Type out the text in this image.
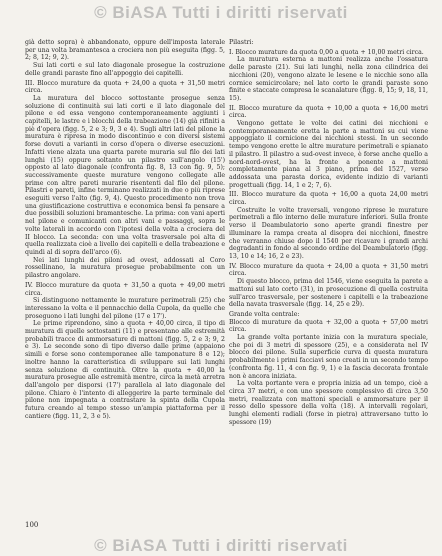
© BiASA Tutti i diritti riservati

già detto sopra) è abbandonato, oppure dell'imposta laterale per una volta bramantesca a crociera non più eseguita (figg. 5, 2; 8, 12; 9, 2).

Sui lati corti e sul lato diagonale prosegue la costruzione delle grandi paraste fino all'appoggio dei capitelli.

III. Blocco murature da quota + 24,00 a quota + 31,50 metri circa.

La muratura del blocco sottostante prosegue senza soluzione di continuità sui lati corti e il lato diagonale del pilone e ed essa vengono contemporaneamente aggiunti i capitelli, le lastre e i blocchi della trabeazione (14) già rifiniti a piè d'opera (figg. 5, 2 e 3; 9, 3 e 4). Sugli altri lati del pilone la muratura è ripresa in modo discontinuo e con diversi sistemi forse dovuti a varianti in corso d'opera o diverse esecuzioni. Infatti viene alzata una quarta parete muraria sul filo dei lati lunghi (15) oppure soltanto un pilastro sull'angolo (15') opposto al lato diagonale (confronta fig. 8, 13 con fig. 9, 5); successivamente queste murature vengono collegate alle prime con altre pareti murarie risententi dal filo del pilone. Pilastri e pareti, infine terminano realizzati in due o più riprese eseguiti verso l'alto (fig. 9, 4). Questo procedimento non trova una giustificazione costruttiva e economica bensì fa pensare a due possibili soluzioni bramantesche. La prima: con vani aperti nel pilone e comunicanti con altri vani e passaggi, sopra le volte laterali in accordo con l'ipotesi della volta a crociera del II blocco. La seconda: con una volta trasversale poi alta di quella realizzata cioè a livello dei capitelli e della trabeazione e quindi al di sopra dell'arco (6).

Nei lati lunghi dei piloni ad ovest, addossati al Coro rossellinano, la muratura prosegue probabilmente con un pilastro angolare.

IV. Blocco murature da quota + 31,50 a quota + 49,00 metri circa.

Si distinguono nettamente le murature perimetrali (25) che interessano la volta e il pennacchio della Cupola, da quelle che proseguono i lati lunghi del pilone (17 e 17').

Le prime riprendono, sino a quota + 40,00 circa, il tipo di muratura di quelle sottostanti (11) e presentano alle estremità probabili tracce di ammorsature di mattoni (figg. 5, 2 e 3; 9, 2 e 3). Le seconde sono di tipo diverso dalle prime (appaiono simili e forse sono contemporanee alle tamponature 8 e 12); inoltre hanno la caratteristica di sviluppare sui lati lunghi senza soluzione di continuità. Oltre la quota + 40,00 la muratura prosegue alle estremità mentre, circa la metà arretra dall'angolo per disporsi (17') parallela al lato diagonale del pilone. Chiaro è l'intento di alleggerire la parte terminale del pilone non impegnata a contrastare la spinta della Cupola futura creando al tempo stesso un'ampia piattaforma per il cantiere (figg. 11, 2, 3 e 5).

Pilastri:

I. Blocco murature da quota 0,00 a quota + 10,00 metri circa.

La muratura esterna a mattoni realizza anche l'ossatura delle paraste (21). Sui lati lunghi, nella zona cilindrica dei nicchioni (20), vengono alzate le lesene e le nicchie sono alla cornice semicircolare; nel lato corto le grandi paraste sono finite e staccate compresa le scanalature (figg. 8, 15; 9, 18, 11, 15).

II. Blocco murature da quota + 10,00 a quota + 16,00 metri circa.

Vengono gettate le volte dei catini dei nicchioni e contemporaneamente eretta la parte a mattoni su cui viene appoggiato il cornicione dei nicchioni stessi. In un secondo tempo vengono erette le altre murature perimetrali e spianato il pilastro. Il pilastro a sud-ovest invece, è forse anche quello a nord-nord-ovest, ha la fronte a ponente a mattoni completamente piana al 3 piano, prima del 1527, verso addossata una parasta dorica, evidente indizio di varianti progettuali (figg. 14, 1 e 2; 7, 6).

III. Blocco murature da quota + 16,00 a quota 24,00 metri circa.

Costruite le volte traversali, vengono riprese le murature perimetrali a filo interno delle murature inferiori. Sulla fronte verso il Deambulatorio sono aperte grandi finestre per illuminare la rampa creata al disopra dei nicchioni, finestre che verranno chiuse dopo il 1540 per ricavare i grandi archi degradanti in fondo al secondo ordine del Deambulatorio (figg. 13, 10 e 14; 16, 2 e 23).

IV. Blocco murature da quota + 24,00 a quota + 31,50 metri circa.

Di questo blocco, prima del 1546, viene eseguita la parete a mattoni sul lato corto (31), in prosecuzione di quella costruita sull'arco trasversale, per sostenere i capitelli e la trabeazione della navata trasversale (figg. 14, 25 e 29).

Grande volta centrale:

Blocco di murature da quota + 32,00 a quota + 57,00 metri circa.

La grande volta portante inizia con la muratura speciale, che poi di 3 metri di spessore (25), e a considerata nel IV blocco dei pilone. Sulla superficie curva di questa muratura probabilmente i primi facciavi sono creati in un secondo tempo (confronta fig. 11, 4 con fig. 9, 1) e la fascia decorata frontale non è ancora iniziata.

La volta portante vera e propria inizia ad un tempo, cioè a circa 37 metri, e con uno spessore complessivo di circa 3,50 metri, realizzata con mattoni speciali e ammorsature per il resso dello spessore della volta (18). A intervalli regolari, lunghi elementi radiali (forse in pietra) attraversano tutto lo spessore (19)

100
© BiASA Tutti i diritti riservati
